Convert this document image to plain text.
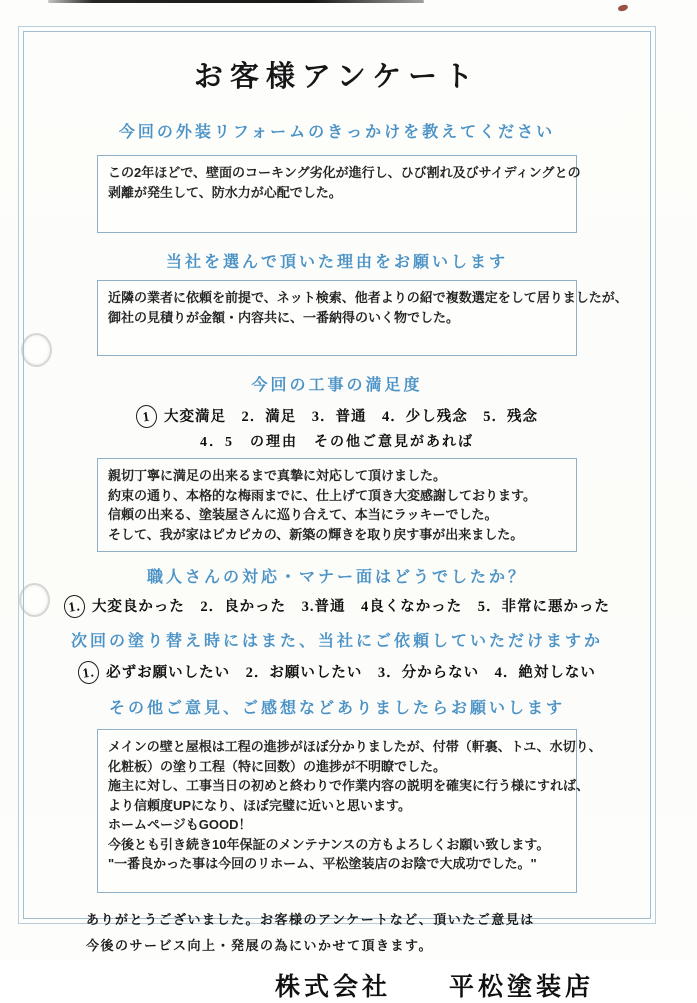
お客様アンケート
今回の外装リフォームのきっかけを教えてください
この2年ほどで、壁面のコーキング劣化が進行し、ひび割れ及びサイディングとの
剥離が発生して、防水力が心配でした。
当社を選んで頂いた理由をお願いします
近隣の業者に依頼を前提で、ネット検索、他者よりの紹で複数選定をして居りましたが、
御社の見積りが金額・内容共に、一番納得のいく物でした。
今回の工事の満足度
1 大変満足　2．満足　3．普通　4．少し残念　5．残念
4．5　の理由　その他ご意見があれば
親切丁寧に満足の出来るまで真摯に対応して頂けました。
約束の通り、本格的な梅雨までに、仕上げて頂き大変感謝しております。
信頼の出来る、塗装屋さんに巡り合えて、本当にラッキーでした。
そして、我が家はピカピカの、新築の輝きを取り戻す事が出来ました。
職人さんの対応・マナー面はどうでしたか？
1. 大変良かった　2．良かった　3.普通　4良くなかった　5．非常に悪かった
次回の塗り替え時にはまた、当社にご依頼していただけますか
1. 必ずお願いしたい　2．お願いしたい　3．分からない　4．絶対しない
その他ご意見、ご感想などありましたらお願いします
メインの壁と屋根は工程の進捗がほぼ分かりましたが、付帯（軒裏、トユ、水切り、
化粧板）の塗り工程（特に回数）の進捗が不明瞭でした。
施主に対し、工事当日の初めと終わりで作業内容の説明を確実に行う様にすれば、
より信頼度UPになり、ほぼ完璧に近いと思います。
ホームページもGOOD！
今後とも引き続き10年保証のメンテナンスの方もよろしくお願い致します。
"一番良かった事は今回のリホーム、平松塗装店のお陰で大成功でした。"
ありがとうございました。お客様のアンケートなど、頂いたご意見は
今後のサービス向上・発展の為にいかせて頂きます。
株式会社　　平松塗装店
